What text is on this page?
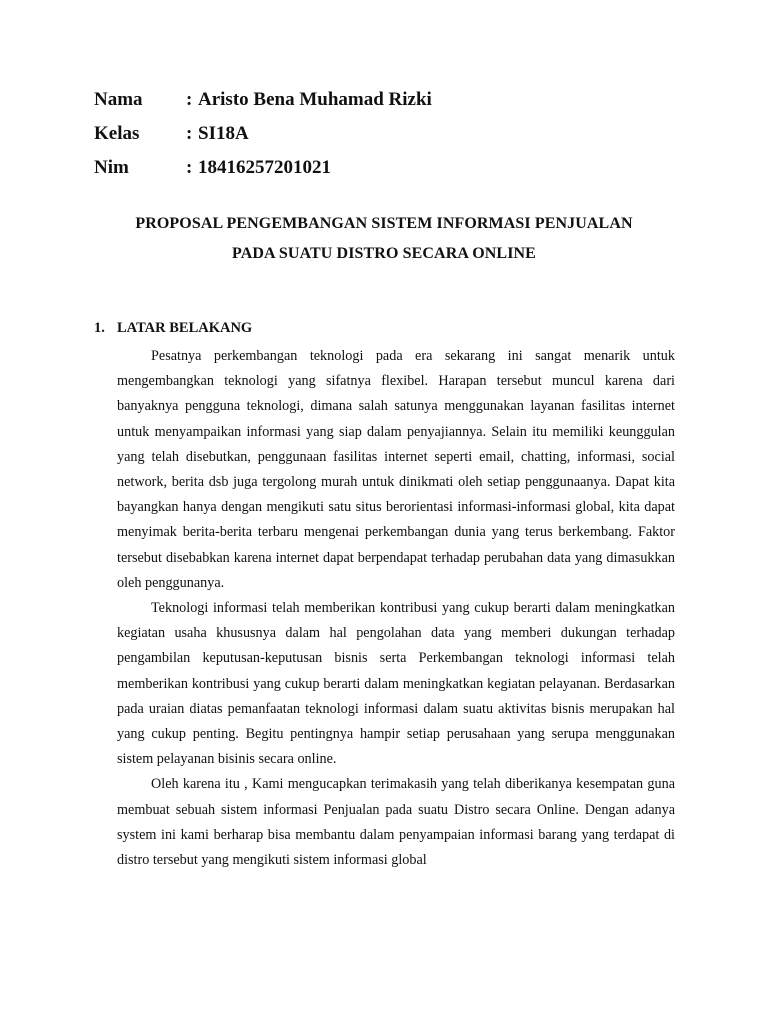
Nama : Aristo Bena Muhamad Rizki
Kelas : SI18A
Nim	: 18416257201021
PROPOSAL PENGEMBANGAN SISTEM INFORMASI PENJUALAN
PADA SUATU DISTRO SECARA ONLINE
1. LATAR BELAKANG

Pesatnya perkembangan teknologi pada era sekarang ini sangat menarik untuk mengembangkan teknologi yang sifatnya flexibel. Harapan tersebut muncul karena dari banyaknya pengguna teknologi, dimana salah satunya menggunakan layanan fasilitas internet untuk menyampaikan informasi yang siap dalam penyajiannya. Selain itu memiliki keunggulan yang telah disebutkan, penggunaan fasilitas internet seperti email, chatting, informasi, social network, berita dsb juga tergolong murah untuk dinikmati oleh setiap penggunaanya. Dapat kita bayangkan hanya dengan mengikuti satu situs berorientasi informasi-informasi global, kita dapat menyimak berita-berita terbaru mengenai perkembangan dunia yang terus berkembang. Faktor tersebut disebabkan karena internet dapat berpendapat terhadap perubahan data yang dimasukkan oleh penggunanya.

Teknologi informasi telah memberikan kontribusi yang cukup berarti dalam meningkatkan kegiatan usaha khususnya dalam hal pengolahan data yang memberi dukungan terhadap pengambilan keputusan-keputusan bisnis serta Perkembangan teknologi informasi telah memberikan kontribusi yang cukup berarti dalam meningkatkan kegiatan pelayanan. Berdasarkan pada uraian diatas pemanfaatan teknologi informasi dalam suatu aktivitas bisnis merupakan hal yang cukup penting. Begitu pentingnya hampir setiap perusahaan yang serupa menggunakan sistem pelayanan bisinis secara online.

Oleh karena itu , Kami mengucapkan terimakasih yang telah diberikanya kesempatan guna membuat sebuah sistem informasi Penjualan pada suatu Distro secara Online. Dengan adanya system ini kami berharap bisa membantu dalam penyampaian informasi barang yang terdapat di distro tersebut yang mengikuti sistem informasi global
